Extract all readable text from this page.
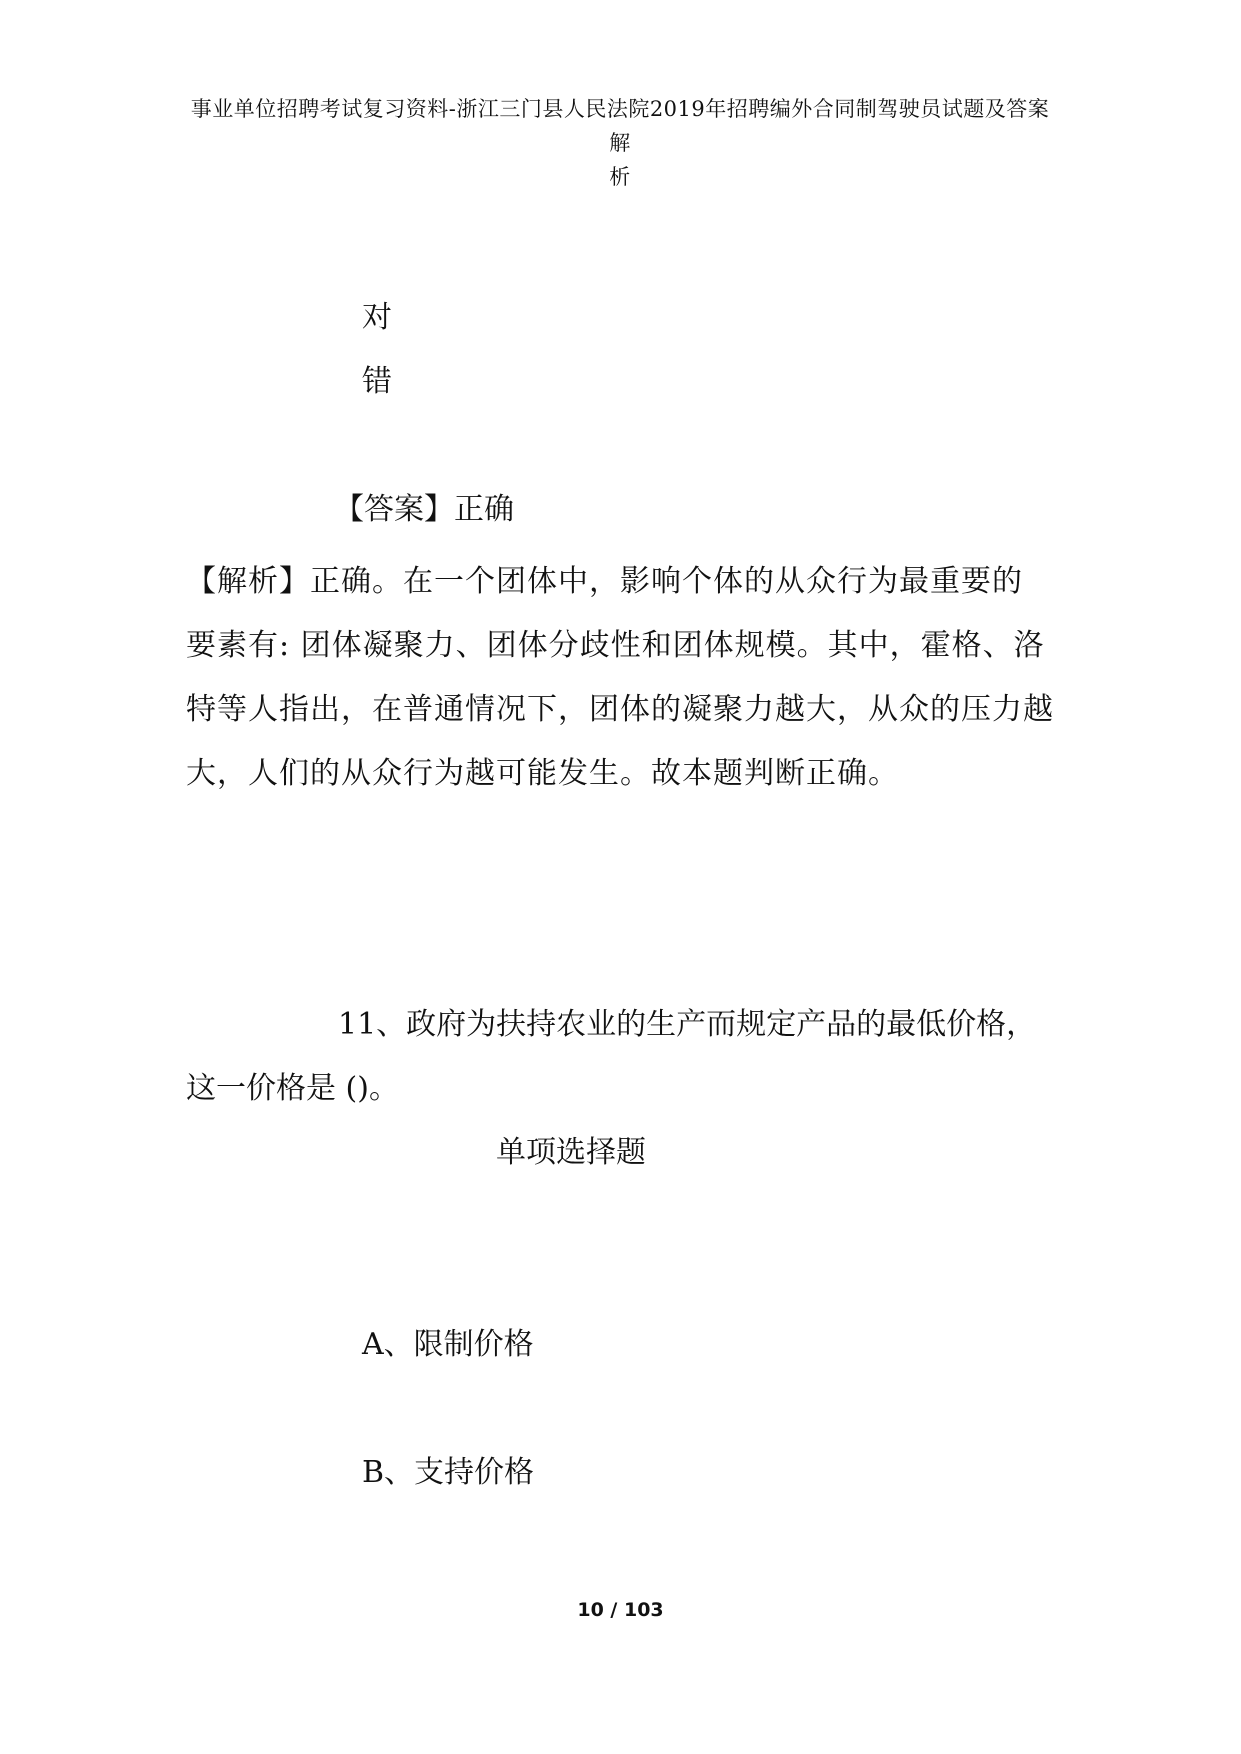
事业单位招聘考试复习资料-浙江三门县人民法院2019年招聘编外合同制驾驶员试题及答案解
析
对
错
【答案】正确
【解析】正确。在一个团体中，影响个体的从众行为最重要的
要素有: 团体凝聚力、团体分歧性和团体规模。其中，霍格、洛
特等人指出，在普通情况下，团体的凝聚力越大，从众的压力越
大，人们的从众行为越可能发生。故本题判断正确。
11、政府为扶持农业的生产而规定产品的最低价格，
这一价格是 ()。
单项选择题
A、限制价格
B、支持价格
10 / 103
